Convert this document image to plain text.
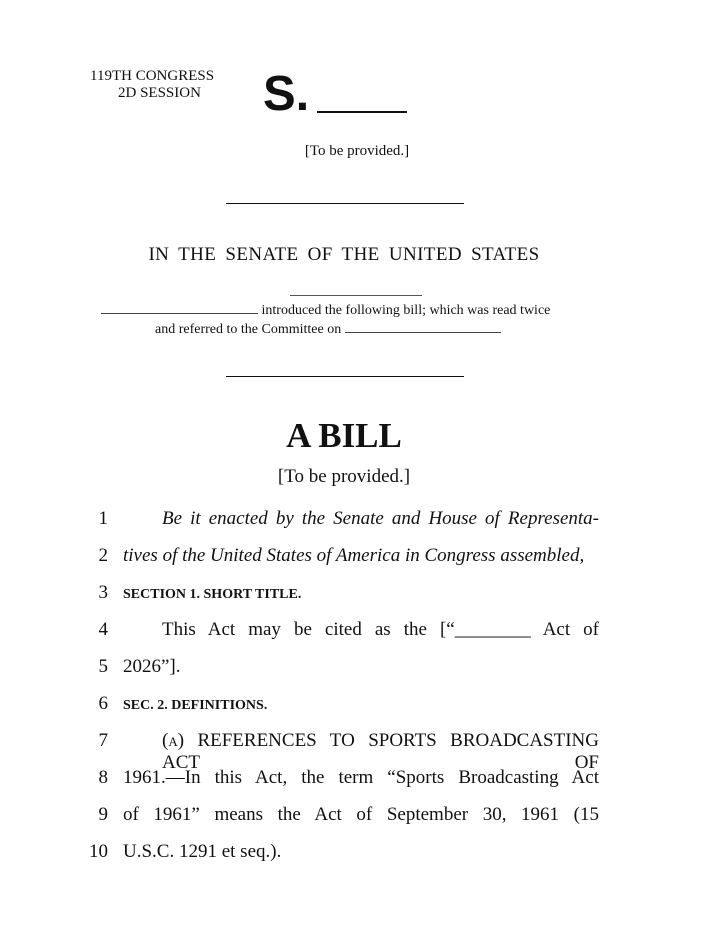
119TH CONGRESS
2D SESSION S.
[To be provided.]
IN THE SENATE OF THE UNITED STATES
introduced the following bill; which was read twice
and referred to the Committee on
A BILL
[To be provided.]
1	Be it enacted by the Senate and House of Representa-
2 tives of the United States of America in Congress assembled,
3 SECTION 1. SHORT TITLE.
4	This Act may be cited as the [“________ Act of
5 2026”].
6 SEC. 2. DEFINITIONS.
7	(a) REFERENCES TO SPORTS BROADCASTING ACT OF
8 1961.—In this Act, the term “Sports Broadcasting Act
9 of 1961” means the Act of September 30, 1961 (15
10 U.S.C. 1291 et seq.).
